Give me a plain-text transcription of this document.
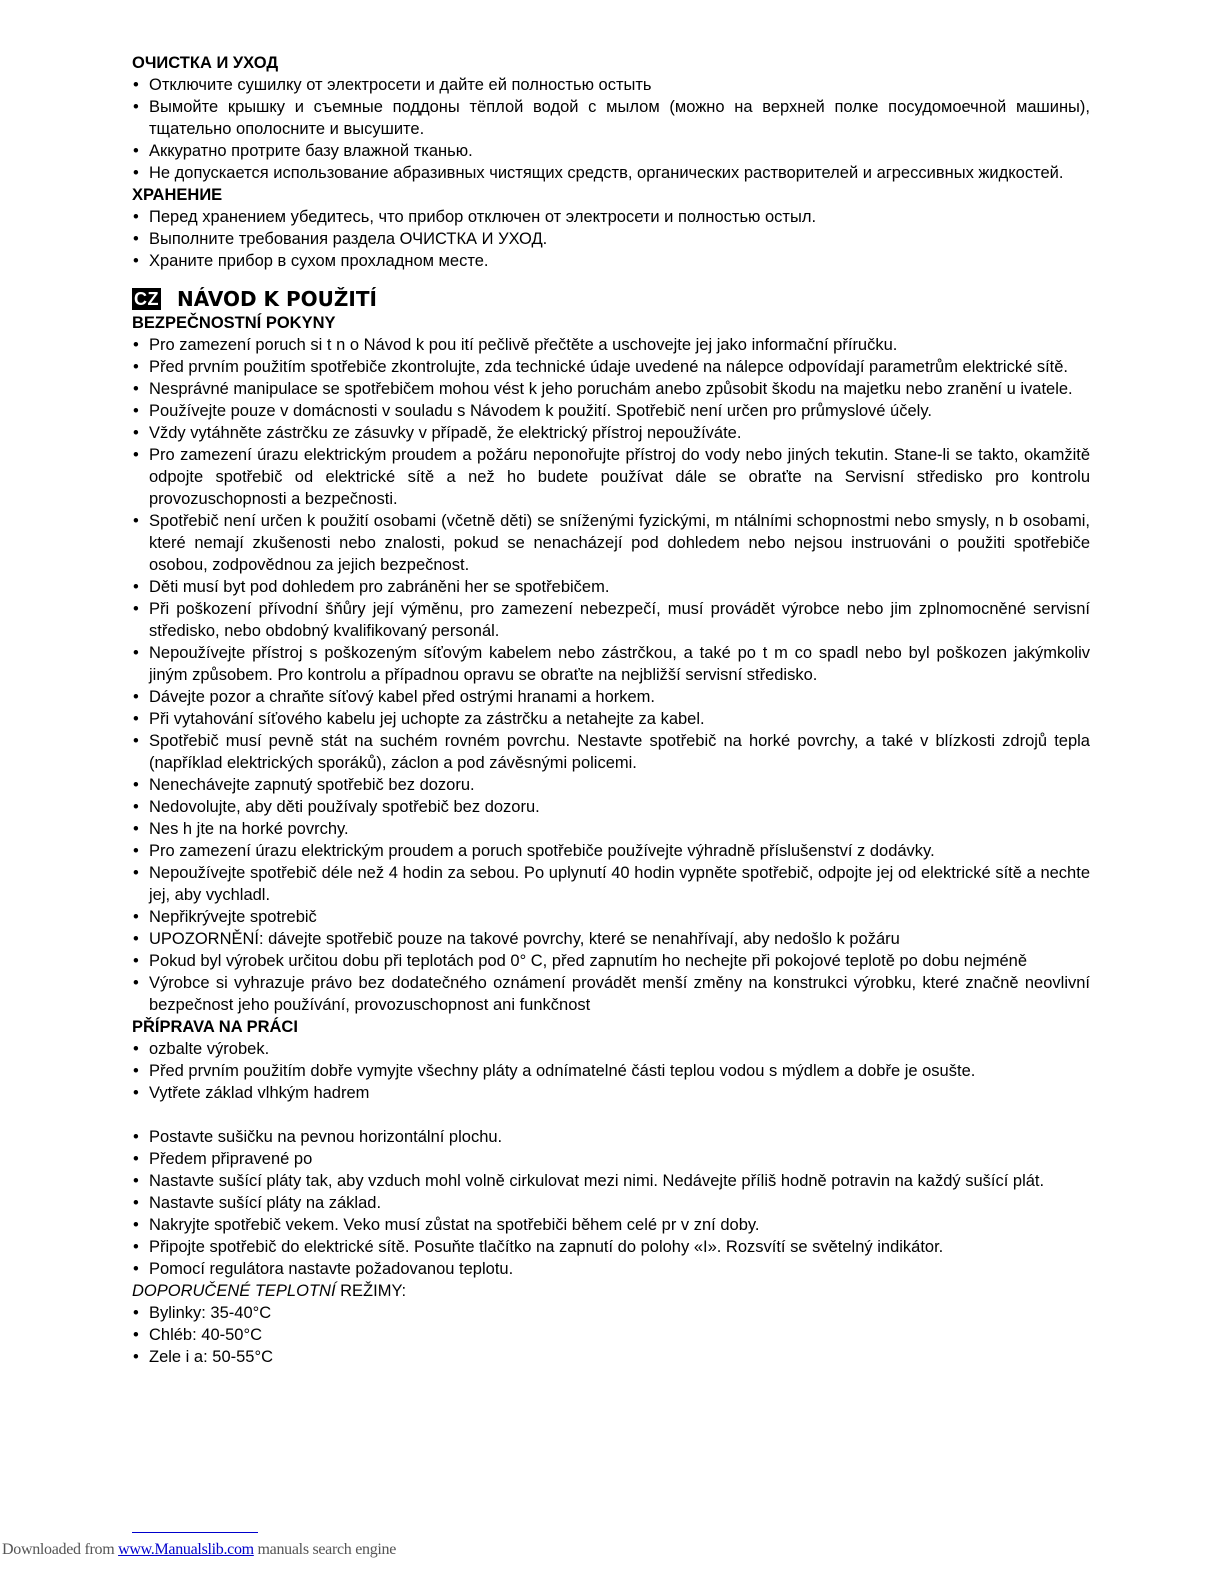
ОЧИСТКА И УХОД

• Отключите сушилку от электросети и дайте ей полностью остыть
• Вымойте крышку и съемные поддоны тёплой водой с мылом (можно на верхней полке посудомоечной машины), тщательно ополосните и высушите.
• Аккуратно протрите базу влажной тканью.
• Не допускается использование абразивных чистящих средств, органических растворителей и агрессивных жидкостей.

ХРАНЕНИЕ

• Перед хранением убедитесь, что прибор отключен от электросети и полностью остыл.
• Выполните требования раздела ОЧИСТКА И УХОД.
• Храните прибор в сухом прохладном месте.
CZ NÁVOD K POUŽITÍ

BEZPEČNOSTNÍ POKYNY

• Pro zamezení poruch si t n o Návod k pou ití pečlivě přečtěte a uschovejte jej jako informační příručku.
• Před prvním použitím spotřebiče zkontrolujte, zda technické údaje uvedené na nálepce odpovídají parametrům elektrické sítě.
• Nesprávné manipulace se spotřebičem mohou vést k jeho poruchám anebo způsobit škodu na majetku nebo zranění u ivatele.
• Používejte pouze v domácnosti v souladu s Návodem k použití. Spotřebič není určen pro průmyslové účely.
• Vždy vytáhněte zástrčku ze zásuvky v případě, že elektrický přístroj nepoužíváte.
• Pro zamezení úrazu elektrickým proudem a požáru neponořujte přístroj do vody nebo jiných tekutin. Stane-li se takto, okamžitě odpojte spotřebič od elektrické sítě a než ho budete používat dále se obraťte na Servisní středisko pro kontrolu provozuschopnosti a bezpečnosti.
• Spotřebič není určen k použití osobami (včetně děti) se sníženými fyzickými, m ntálními schopnostmi nebo smysly, n b osobami, které nemají zkušenosti nebo znalosti, pokud se nenacházejí pod dohledem nebo nejsou instruováni o použiti spotřebiče osobou, zodpovědnou za jejich bezpečnost.
• Děti musí byt pod dohledem pro zabráněni her se spotřebičem.
• Při poškození přívodní šňůry její výměnu, pro zamezení nebezpečí, musí provádět výrobce nebo jim zplnomocněné servisní středisko, nebo obdobný kvalifikovaný personál.
• Nepoužívejte přístroj s poškozeným síťovým kabelem nebo zástrčkou, a také po t m co spadl nebo byl poškozen jakýmkoliv jiným způsobem. Pro kontrolu a případnou opravu se obraťte na nejbližší servisní středisko.
• Dávejte pozor a chraňte síťový kabel před ostrými hranami a horkem.
• Při vytahování síťového kabelu jej uchopte za zástrčku a netahejte za kabel.
• Spotřebič musí pevně stát na suchém rovném povrchu. Nestavte spotřebič na horké povrchy, a také v blízkosti zdrojů tepla (například elektrických sporáků), záclon a pod závěsnými policemi.
• Nenechávejte zapnutý spotřebič bez dozoru.
• Nedovolujte, aby děti používaly spotřebič bez dozoru.
• Nes h jte na horké povrchy.
• Pro zamezení úrazu elektrickým proudem a poruch spotřebiče používejte výhradně příslušenství z dodávky.
• Nepoužívejte spotřebič déle než 4 hodin za sebou. Po uplynutí 40 hodin vypněte spotřebič, odpojte jej od elektrické sítě a nechte jej, aby vychladl.
• Nepřikrývejte spotrebič
• UPOZORNĚNÍ: dávejte spotřebič pouze na takové povrchy, které se nenahřívají, aby nedošlo k požáru
• Pokud byl výrobek určitou dobu při teplotách pod 0° C, před zapnutím ho nechejte při pokojové teplotě po dobu nejméně
• Výrobce si vyhrazuje právo bez dodatečného oznámení provádět menší změny na konstrukci výrobku, které značně neovlivní bezpečnost jeho používání, provozuschopnost ani funkčnost

PŘÍPRAVA NA PRÁCI

• ozbalte výrobek.
• Před prvním použitím dobře vymyjte všechny pláty a odnímatelné části teplou vodou s mýdlem a dobře je osušte.
• Vytřete základ vlhkým hadrem
• Postavte sušičku na pevnou horizontální plochu.
• Předem připravené po
• Nastavte sušící pláty tak, aby vzduch mohl volně cirkulovat mezi nimi. Nedávejte příliš hodně potravin na každý sušící plát.
• Nastavte sušící pláty na základ.
• Nakryjte spotřebič vekem. Veko musí zůstat na spotřebiči během celé pr v zní doby.
• Připojte spotřebič do elektrické sítě. Posuňte tlačítko na zapnutí do polohy «I». Rozsvítí se světelný indikátor.
• Pomocí regulátora nastavte požadovanou teplotu.

DOPORUČENÉ TEPLOTNÍ REŽIMY:

• Bylinky: 35-40°C
• Chléb: 40-50°C
• Zele i a: 50-55°C
Downloaded from www.Manualslib.com manuals search engine
